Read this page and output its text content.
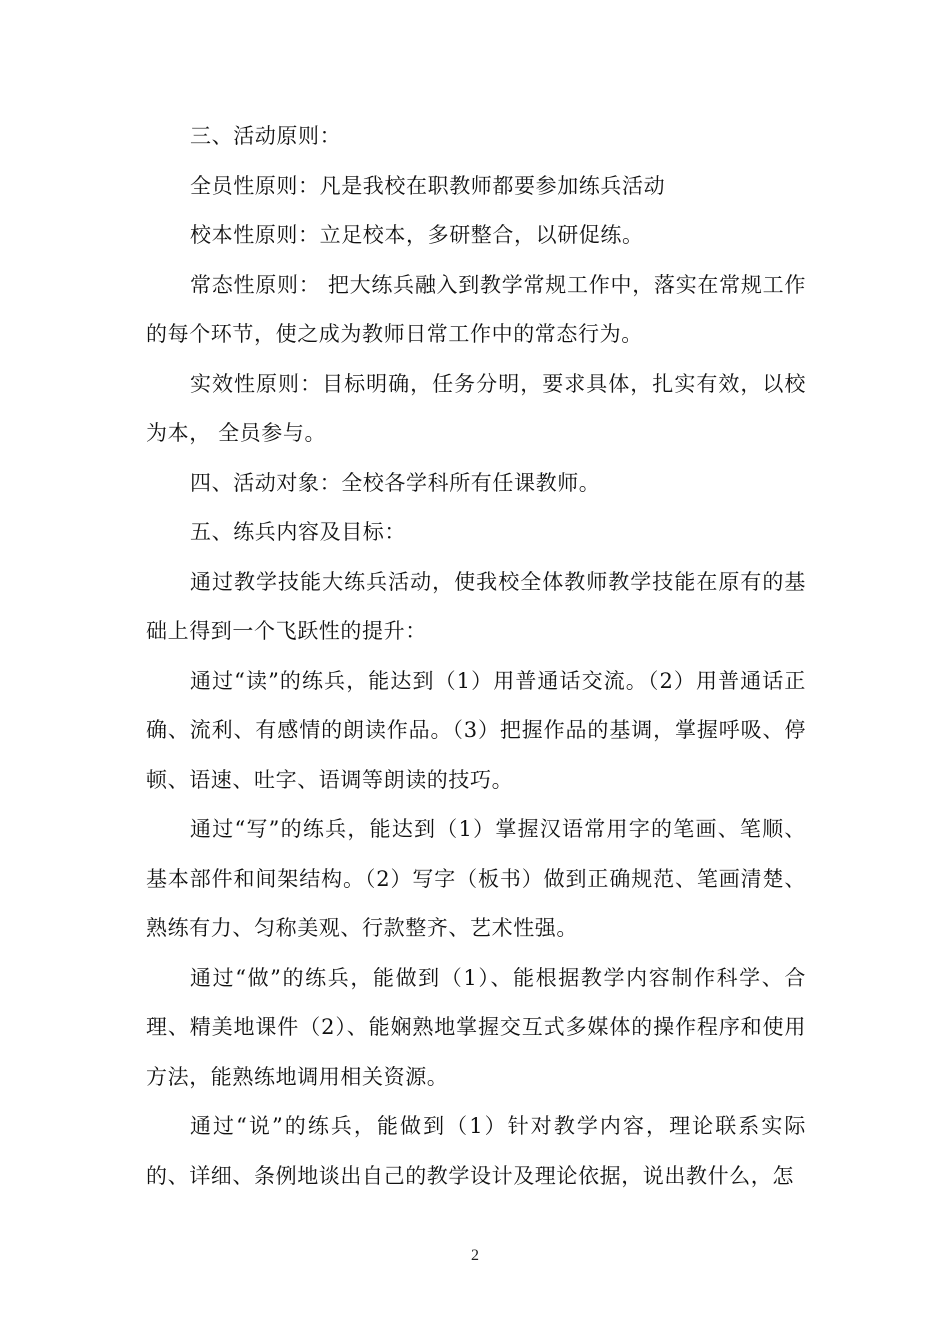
三、活动原则：

全员性原则：凡是我校在职教师都要参加练兵活动

校本性原则：立足校本，多研整合，以研促练。

常态性原则： 把大练兵融入到教学常规工作中，落实在常规工作的每个环节，使之成为教师日常工作中的常态行为。

实效性原则：目标明确，任务分明，要求具体，扎实有效，以校为本， 全员参与。

四、活动对象：全校各学科所有任课教师。

五、练兵内容及目标：

通过教学技能大练兵活动，使我校全体教师教学技能在原有的基础上得到一个飞跃性的提升：

通过“读”的练兵，能达到（1）用普通话交流。（2）用普通话正确、流利、有感情的朗读作品。（3）把握作品的基调，掌握呼吸、停顿、语速、吐字、语调等朗读的技巧。

通过“写”的练兵，能达到（1）掌握汉语常用字的笔画、笔顺、基本部件和间架结构。（2）写字（板书）做到正确规范、笔画清楚、熟练有力、匀称美观、行款整齐、艺术性强。

通过“做”的练兵，能做到（1）、能根据教学内容制作科学、合理、精美地课件（2）、能娴熟地掌握交互式多媒体的操作程序和使用方法，能熟练地调用相关资源。

通过“说”的练兵，能做到（1）针对教学内容，理论联系实际的、详细、条例地谈出自己的教学设计及理论依据，说出教什么，怎

2
